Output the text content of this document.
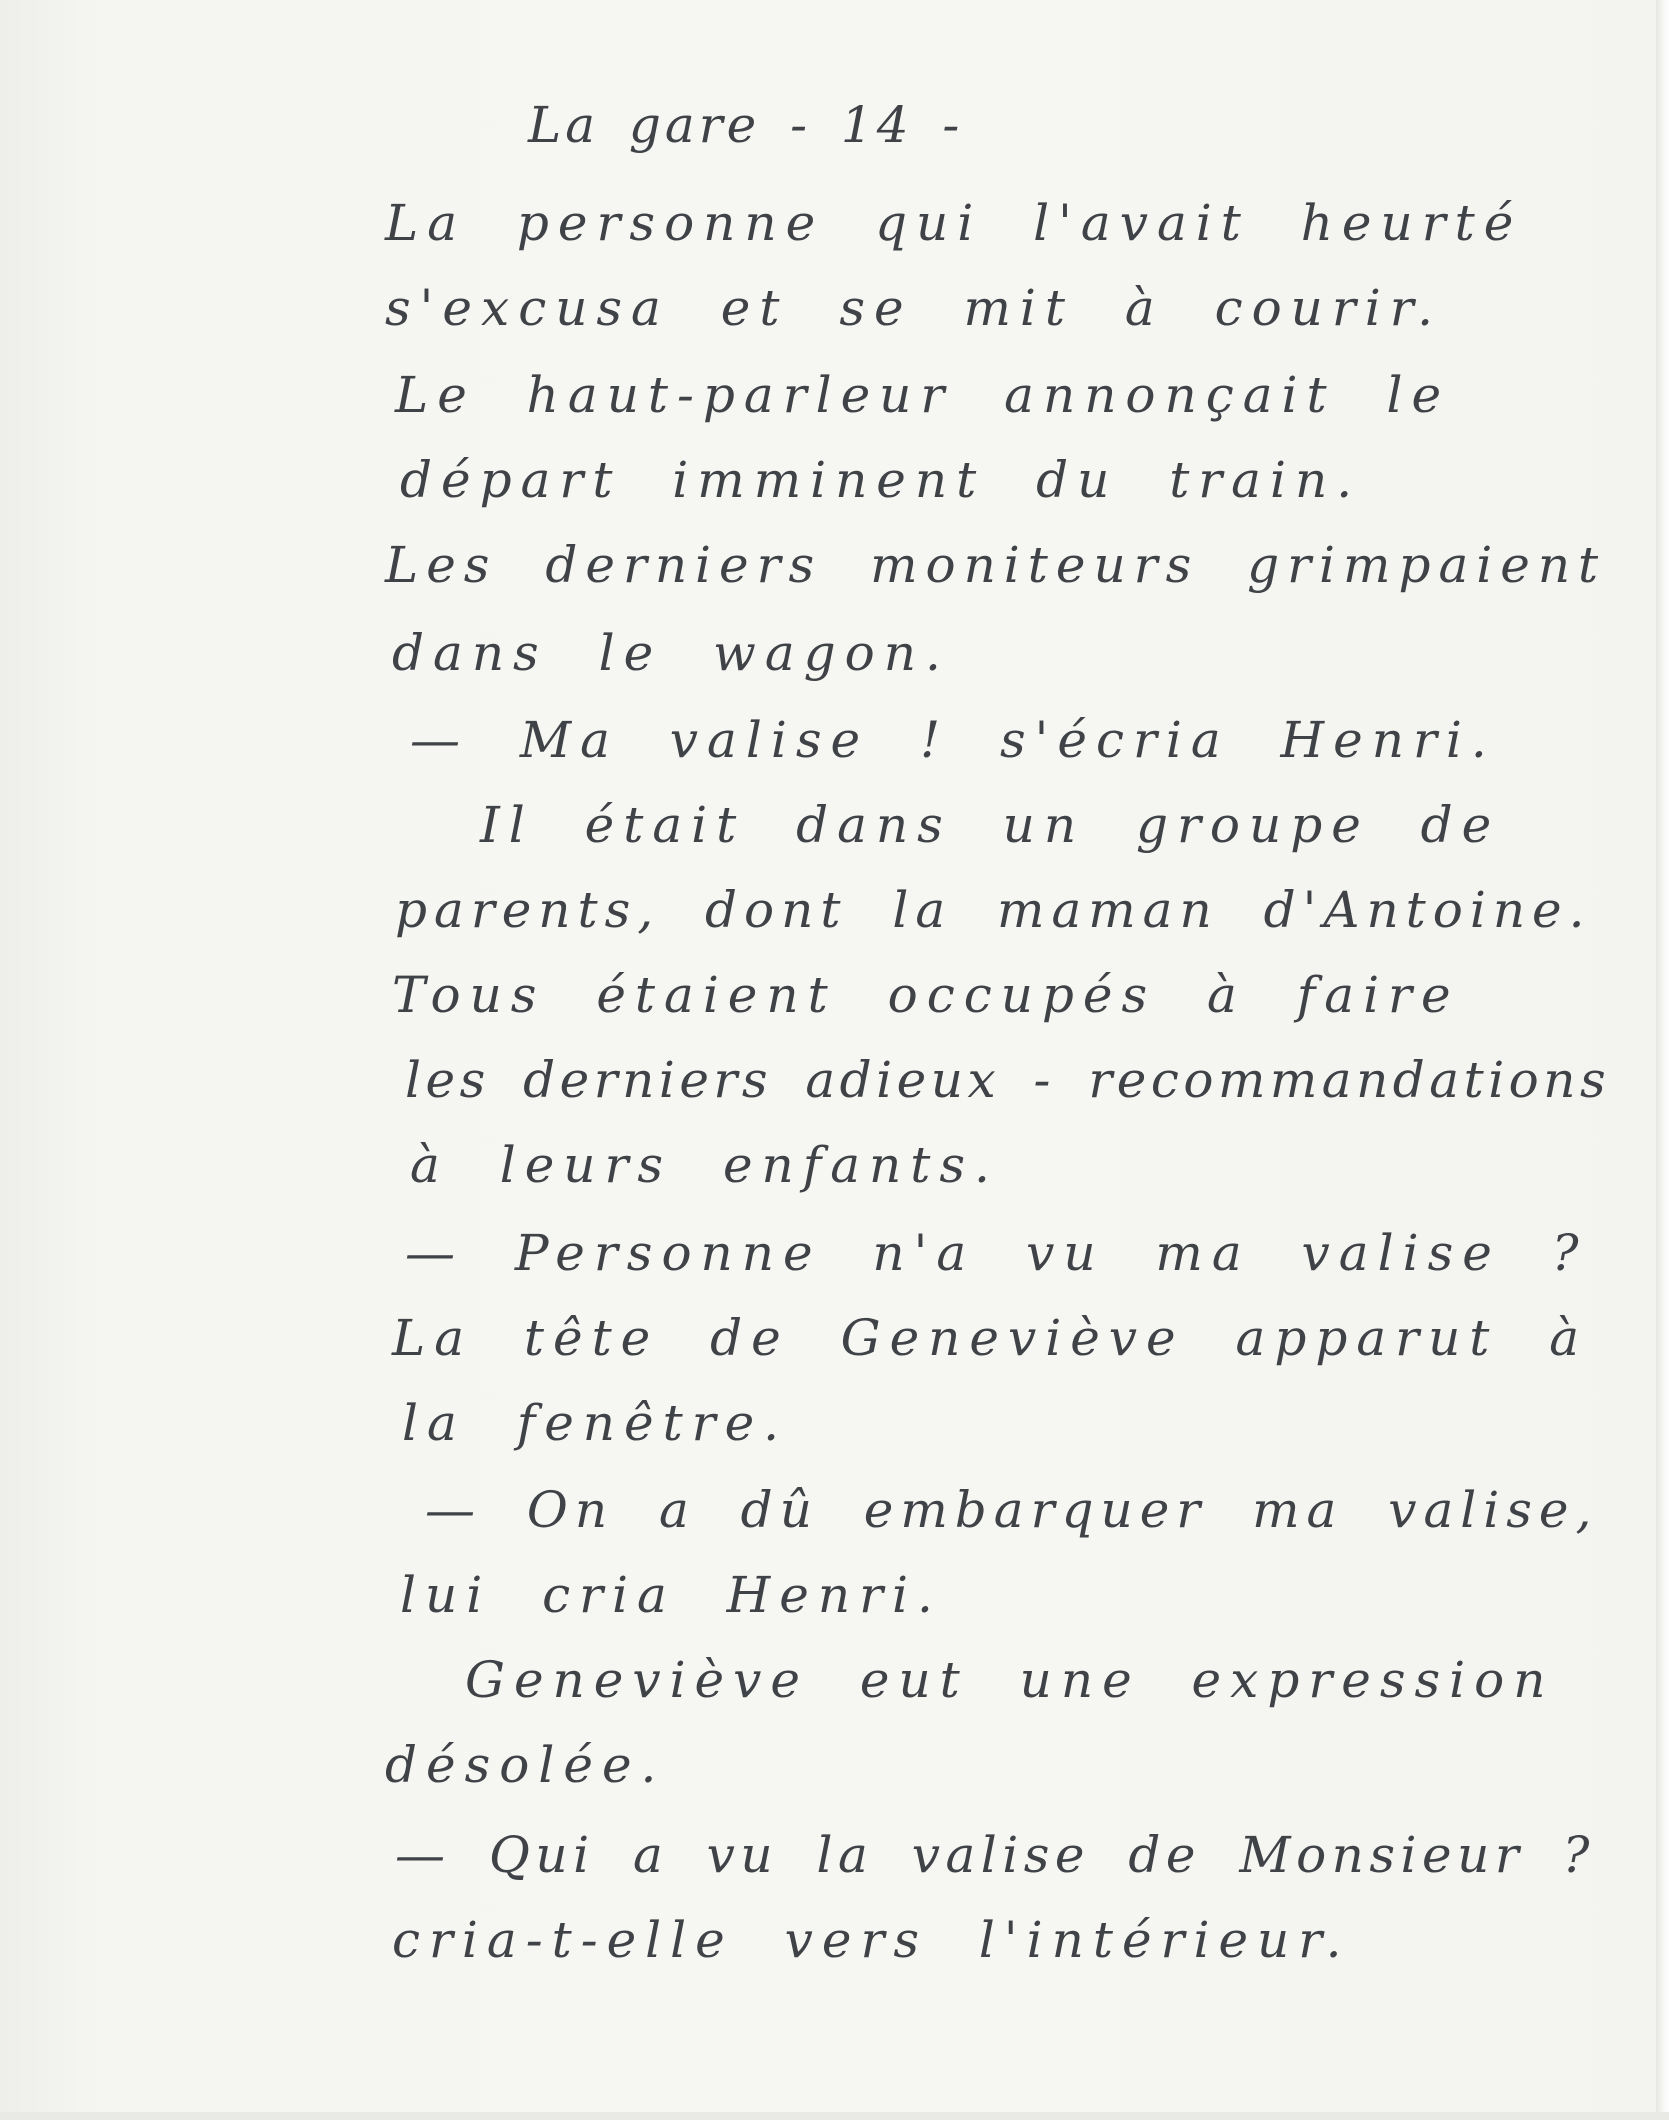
La gare - 14 -
La personne qui l'avait heurté
s'excusa et se mit à courir.
Le haut-parleur annonçait le
départ imminent du train.
Les derniers moniteurs grimpaient
dans le wagon.
— Ma valise ! s'écria Henri.
Il était dans un groupe de
parents, dont la maman d'Antoine.
Tous étaient occupés à faire
les derniers adieux - recommandations
à leurs enfants.
— Personne n'a vu ma valise ?
La tête de Geneviève apparut à
la fenêtre.
— On a dû embarquer ma valise,
lui cria Henri.
Geneviève eut une expression
désolée.
— Qui a vu la valise de Monsieur ?
cria-t-elle vers l'intérieur.
